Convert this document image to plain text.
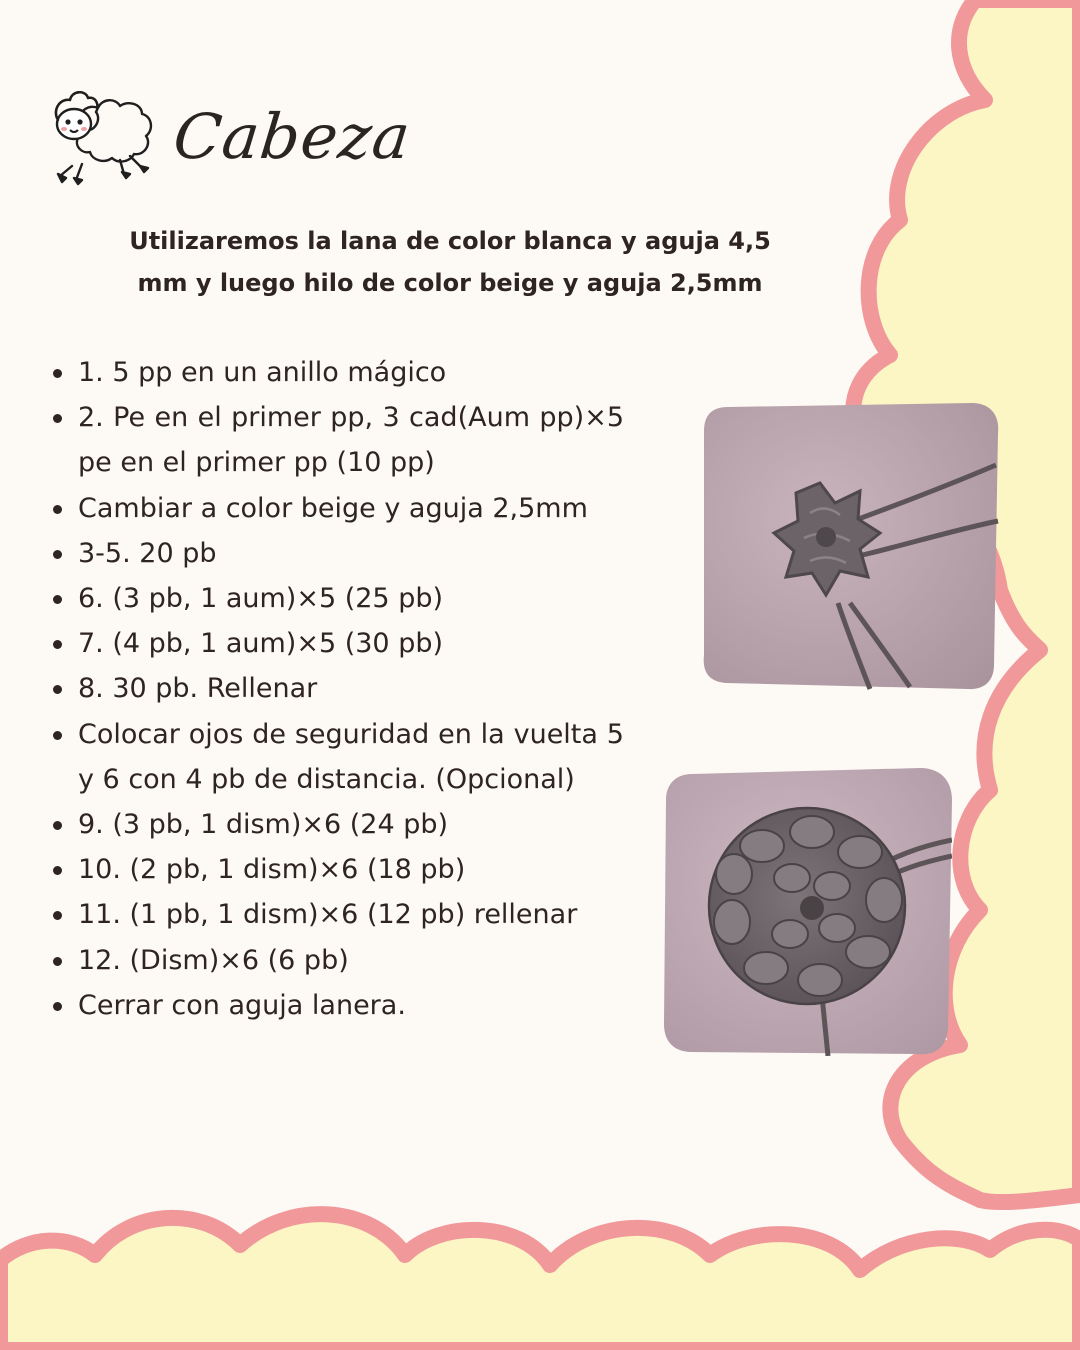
Cabeza
Utilizaremos la lana de color blanca y aguja 4,5
mm y luego hilo de color beige y aguja 2,5mm
1. 5 pp en un anillo mágico
2. Pe en el primer pp, 3 cad(Aum pp)×5 pe en el primer pp (10 pp)
Cambiar a color beige y aguja 2,5mm
3-5. 20 pb
6. (3 pb, 1 aum)×5 (25 pb)
7. (4 pb, 1 aum)×5 (30 pb)
8. 30 pb. Rellenar
Colocar ojos de seguridad en la vuelta 5 y 6 con 4 pb de distancia. (Opcional)
9. (3 pb, 1 dism)×6 (24 pb)
10. (2 pb, 1 dism)×6 (18 pb)
11. (1 pb, 1 dism)×6 (12 pb) rellenar
12. (Dism)×6 (6 pb)
Cerrar con aguja lanera.
